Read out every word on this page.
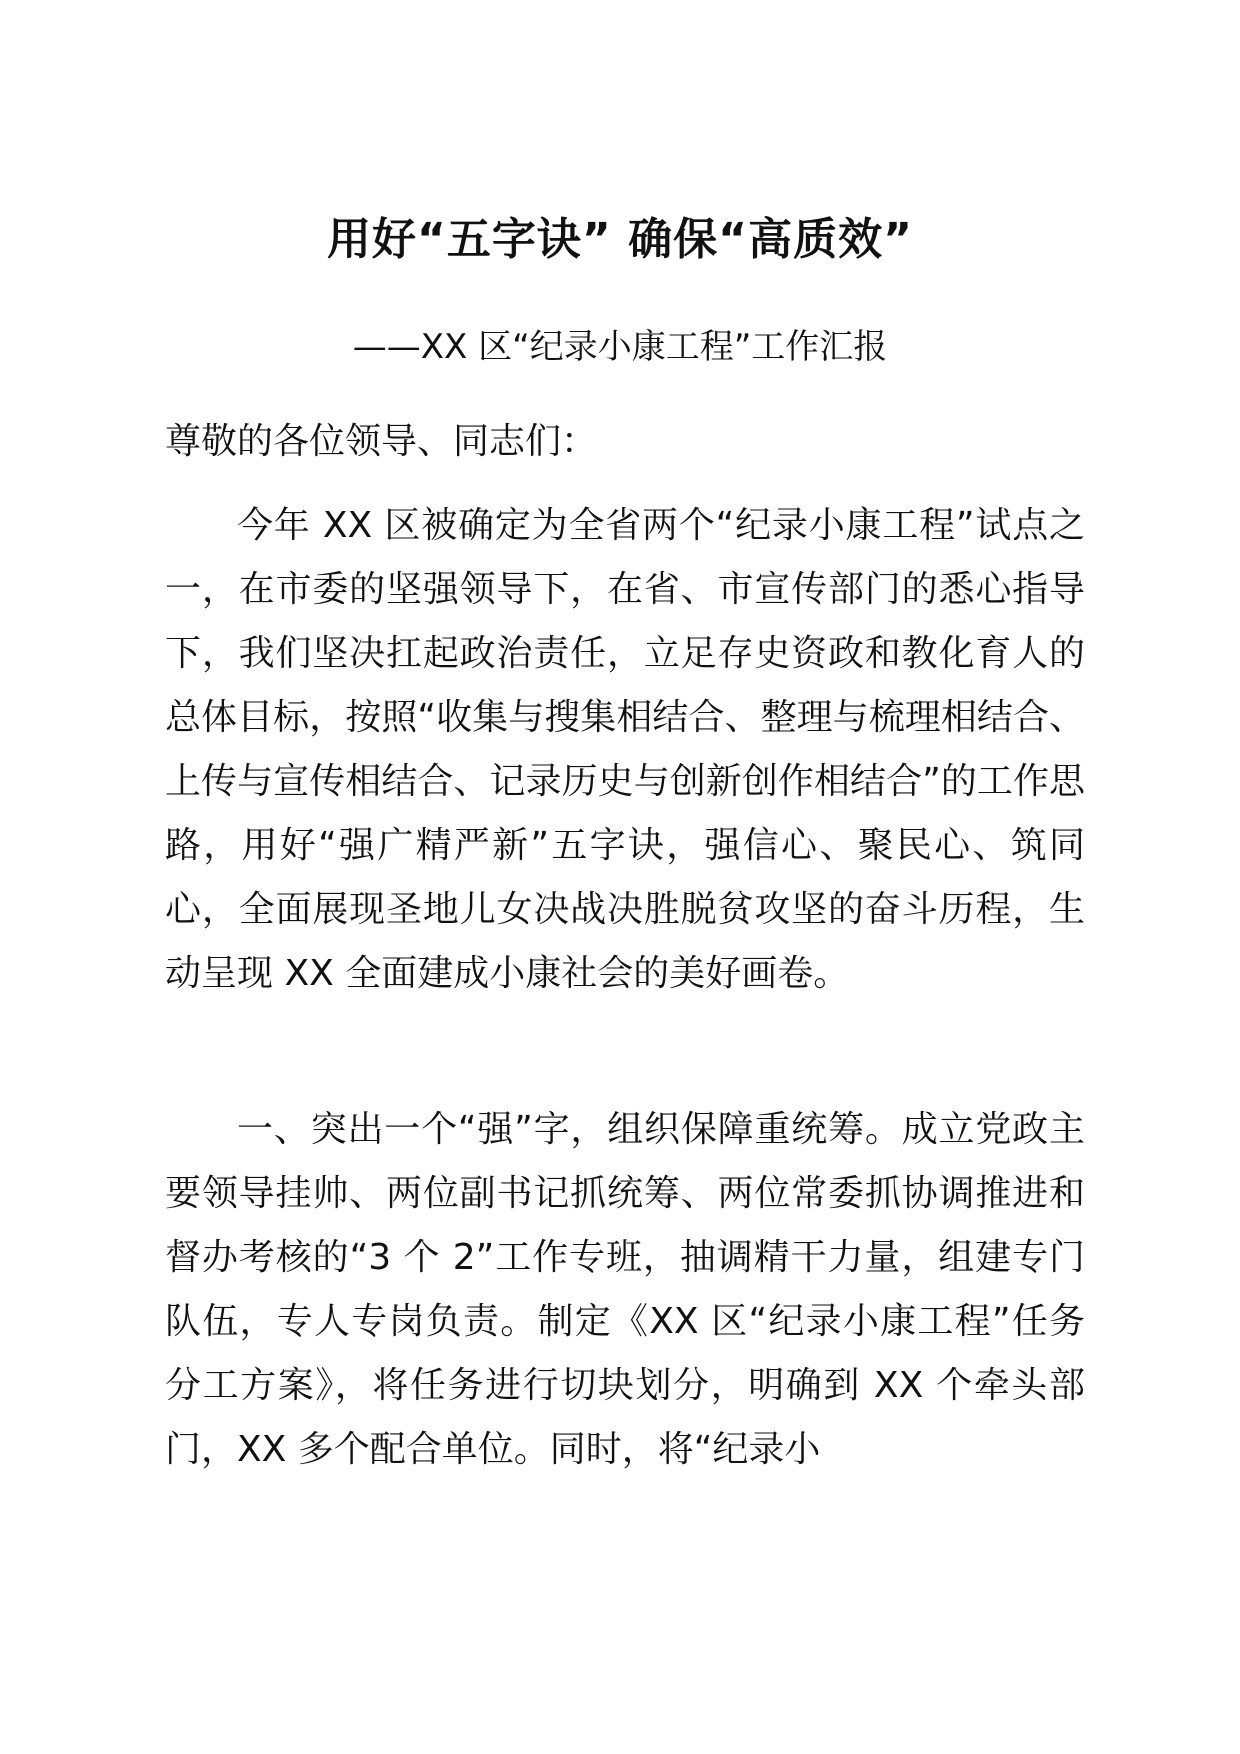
用好“五字诀” 确保“高质效”

——XX 区“纪录小康工程”工作汇报

尊敬的各位领导、同志们：

今年 XX 区被确定为全省两个“纪录小康工程”试点之一，在市委的坚强领导下，在省、市宣传部门的悉心指导下，我们坚决扛起政治责任，立足存史资政和教化育人的总体目标，按照“收集与搜集相结合、整理与梳理相结合、上传与宣传相结合、记录历史与创新创作相结合”的工作思路，用好“强广精严新”五字诀，强信心、聚民心、筑同心，全面展现圣地儿女决战决胜脱贫攻坚的奋斗历程，生动呈现 XX 全面建成小康社会的美好画卷。

一、突出一个“强”字，组织保障重统筹。成立党政主要领导挂帅、两位副书记抓统筹、两位常委抓协调推进和督办考核的“3 个 2”工作专班，抽调精干力量，组建专门队伍，专人专岗负责。制定《XX 区“纪录小康工程”任务分工方案》，将任务进行切块划分，明确到 XX 个牵头部门，XX 多个配合单位。同时，将“纪录小
